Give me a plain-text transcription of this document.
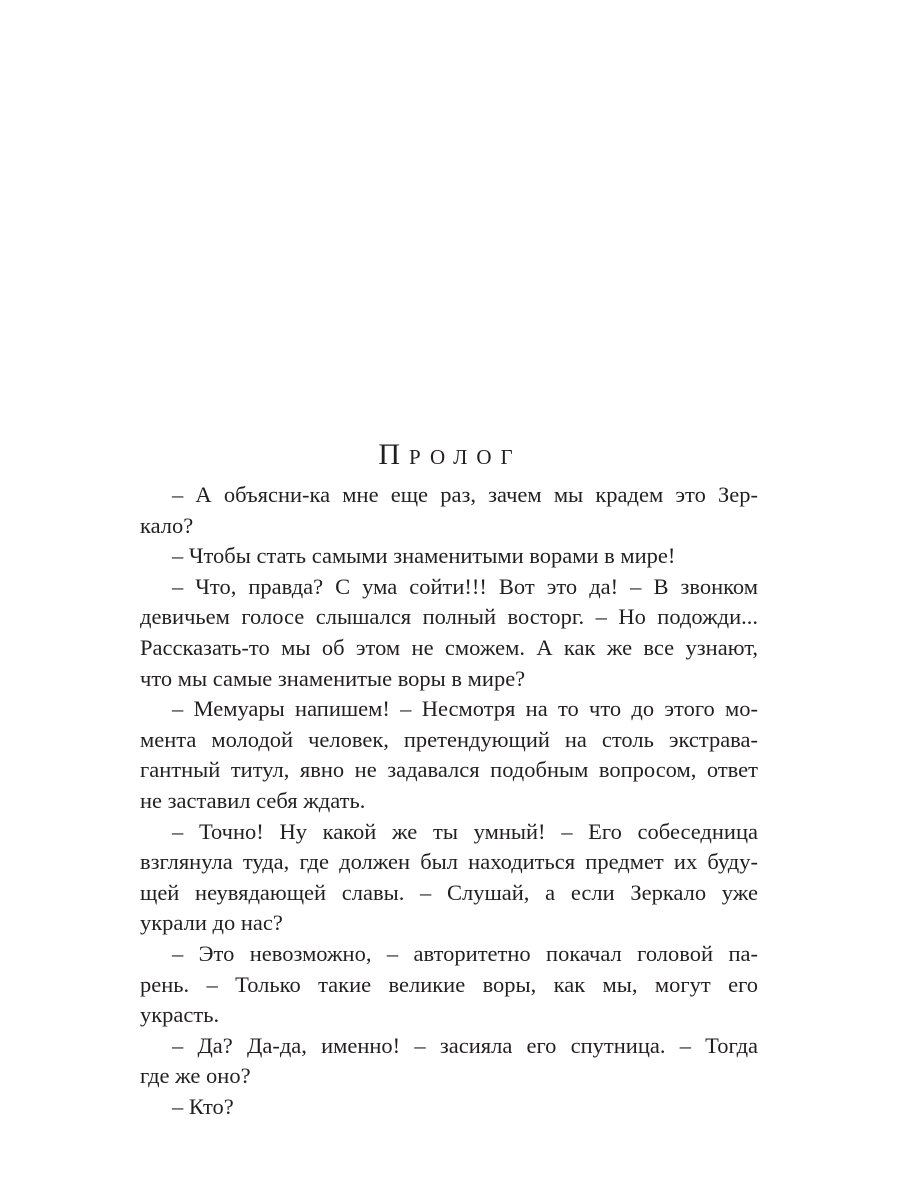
Пролог
– А объясни-ка мне еще раз, зачем мы крадем это Зер-
кало?
– Чтобы стать самыми знаменитыми ворами в мире!
– Что, правда? С ума сойти!!! Вот это да! – В звонком
девичьем голосе слышался полный восторг. – Но подожди...
Рассказать-то мы об этом не сможем. А как же все узнают,
что мы самые знаменитые воры в мире?
– Мемуары напишем! – Несмотря на то что до этого мо-
мента молодой человек, претендующий на столь экстрава-
гантный титул, явно не задавался подобным вопросом, ответ
не заставил себя ждать.
– Точно! Ну какой же ты умный! – Его собеседница
взглянула туда, где должен был находиться предмет их буду-
щей неувядающей славы. – Слушай, а если Зеркало уже
украли до нас?
– Это невозможно, – авторитетно покачал головой па-
рень. – Только такие великие воры, как мы, могут его
украсть.
– Да? Да-да, именно! – засияла его спутница. – Тогда
где же оно?
– Кто?
